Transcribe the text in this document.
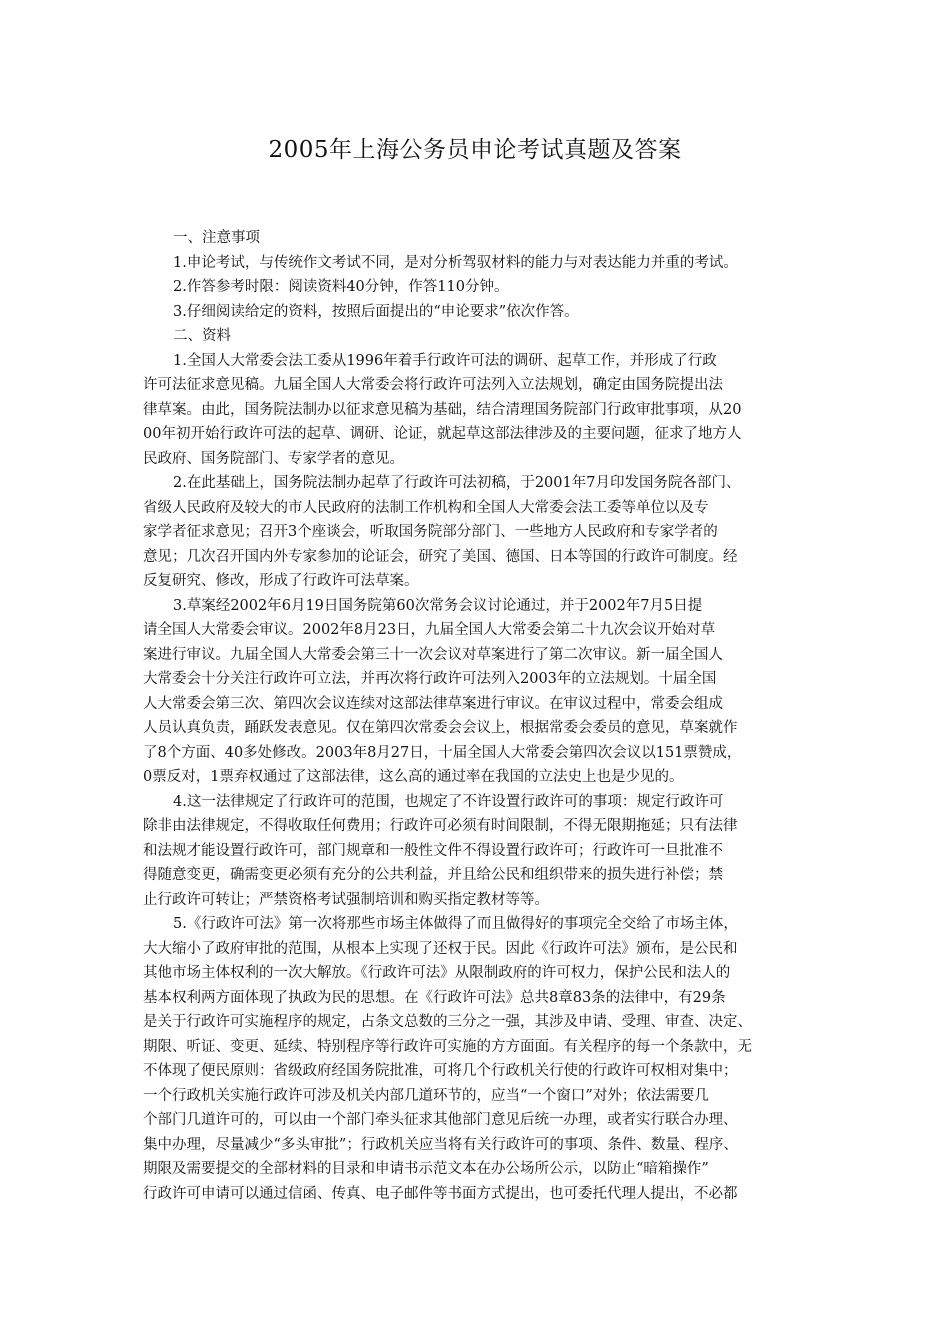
2005年上海公务员申论考试真题及答案
一、注意事项
1.申论考试，与传统作文考试不同，是对分析驾驭材料的能力与对表达能力并重的考试。
2.作答参考时限：阅读资料40分钟，作答110分钟。
3.仔细阅读给定的资料，按照后面提出的“申论要求”依次作答。
二、资料
1.全国人大常委会法工委从1996年着手行政许可法的调研、起草工作，并形成了行政
许可法征求意见稿。九届全国人大常委会将行政许可法列入立法规划，确定由国务院提出法
律草案。由此，国务院法制办以征求意见稿为基础，结合清理国务院部门行政审批事项，从20
00年初开始行政许可法的起草、调研、论证，就起草这部法律涉及的主要问题，征求了地方人
民政府、国务院部门、专家学者的意见。
2.在此基础上，国务院法制办起草了行政许可法初稿，于2001年7月印发国务院各部门、
省级人民政府及较大的市人民政府的法制工作机构和全国人大常委会法工委等单位以及专
家学者征求意见；召开3个座谈会，听取国务院部分部门、一些地方人民政府和专家学者的
意见；几次召开国内外专家参加的论证会，研究了美国、德国、日本等国的行政许可制度。经
反复研究、修改，形成了行政许可法草案。
3.草案经2002年6月19日国务院第60次常务会议讨论通过，并于2002年7月5日提
请全国人大常委会审议。2002年8月23日，九届全国人大常委会第二十九次会议开始对草
案进行审议。九届全国人大常委会第三十一次会议对草案进行了第二次审议。新一届全国人
大常委会十分关注行政许可立法，并再次将行政许可法列入2003年的立法规划。十届全国
人大常委会第三次、第四次会议连续对这部法律草案进行审议。在审议过程中，常委会组成
人员认真负责，踊跃发表意见。仅在第四次常委会会议上，根据常委会委员的意见，草案就作
了8个方面、40多处修改。2003年8月27日，十届全国人大常委会第四次会议以151票赞成，
0票反对，1票弃权通过了这部法律，这么高的通过率在我国的立法史上也是少见的。
4.这一法律规定了行政许可的范围，也规定了不许设置行政许可的事项：规定行政许可
除非由法律规定，不得收取任何费用；行政许可必须有时间限制，不得无限期拖延；只有法律
和法规才能设置行政许可，部门规章和一般性文件不得设置行政许可；行政许可一旦批准不
得随意变更，确需变更必须有充分的公共利益，并且给公民和组织带来的损失进行补偿；禁
止行政许可转让；严禁资格考试强制培训和购买指定教材等等。
5.《行政许可法》第一次将那些市场主体做得了而且做得好的事项完全交给了市场主体，
大大缩小了政府审批的范围，从根本上实现了还权于民。因此《行政许可法》颁布，是公民和
其他市场主体权利的一次大解放。《行政许可法》从限制政府的许可权力，保护公民和法人的
基本权利两方面体现了执政为民的思想。在《行政许可法》总共8章83条的法律中，有29条
是关于行政许可实施程序的规定，占条文总数的三分之一强，其涉及申请、受理、审查、决定、
期限、听证、变更、延续、特别程序等行政许可实施的方方面面。有关程序的每一个条款中，无
不体现了便民原则：省级政府经国务院批准，可将几个行政机关行使的行政许可权相对集中；
一个行政机关实施行政许可涉及机关内部几道环节的，应当“一个窗口”对外；依法需要几
个部门几道许可的，可以由一个部门牵头征求其他部门意见后统一办理，或者实行联合办理、
集中办理，尽量减少“多头审批”；行政机关应当将有关行政许可的事项、条件、数量、程序、
期限及需要提交的全部材料的目录和申请书示范文本在办公场所公示，以防止“暗箱操作”
行政许可申请可以通过信函、传真、电子邮件等书面方式提出，也可委托代理人提出，不必都
